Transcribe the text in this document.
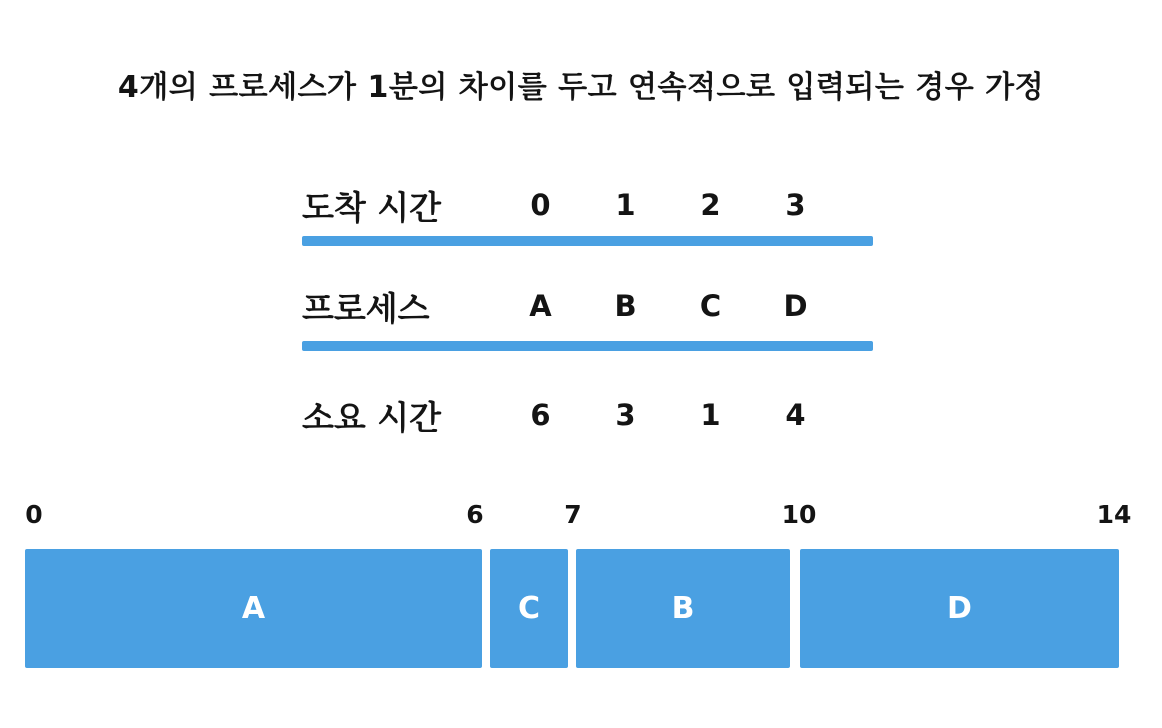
4개의 프로세스가 1분의 차이를 두고 연속적으로 입력되는 경우 가정
도착 시간	0	1	2	3
프로세스	A	B	C	D
소요 시간	6	3	1	4
0	6	7	10	14
A	C	B	D
